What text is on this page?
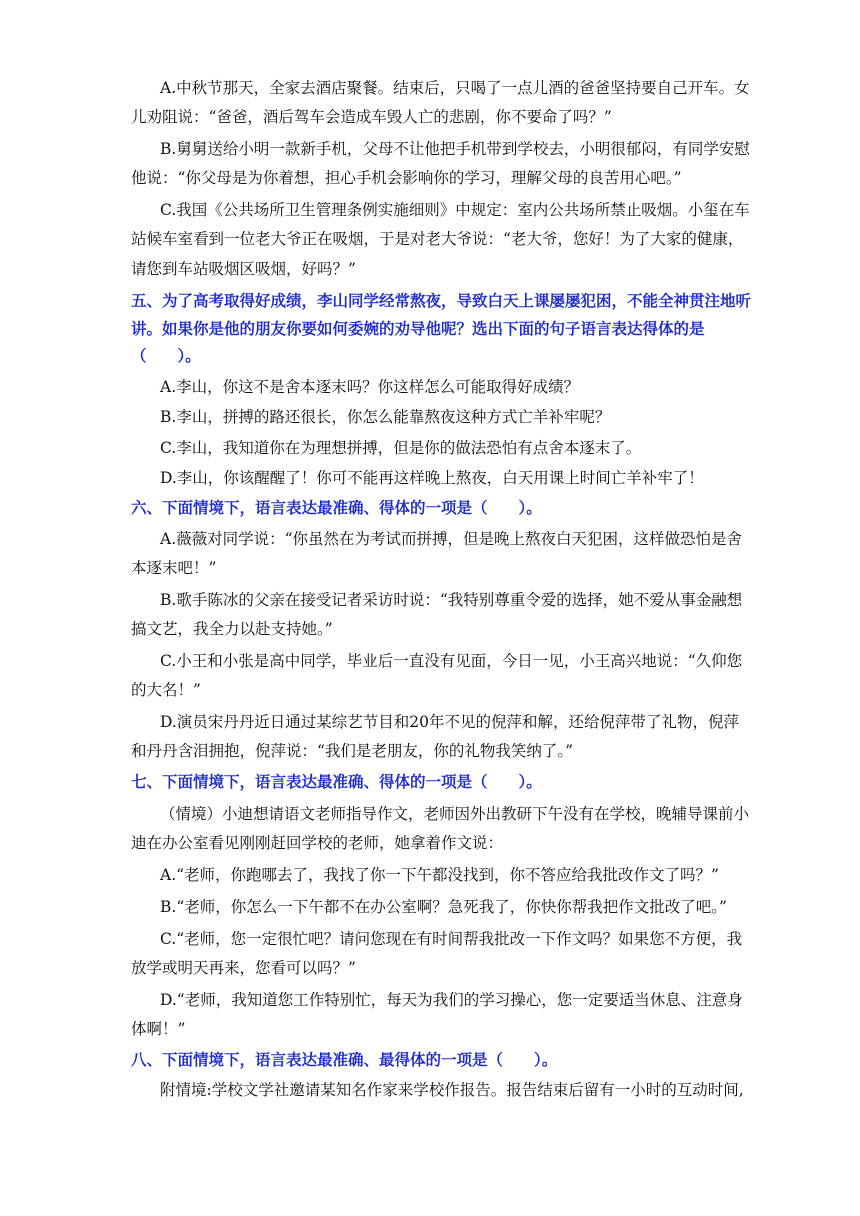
A.中秋节那天，全家去酒店聚餐。结束后，只喝了一点儿酒的爸爸坚持要自己开车。女
儿劝阻说：“爸爸，酒后驾车会造成车毁人亡的悲剧，你不要命了吗？”
B.舅舅送给小明一款新手机，父母不让他把手机带到学校去，小明很郁闷，有同学安慰
他说：“你父母是为你着想，担心手机会影响你的学习，理解父母的良苦用心吧。”
C.我国《公共场所卫生管理条例实施细则》中规定：室内公共场所禁止吸烟。小玺在车
站候车室看到一位老大爷正在吸烟，于是对老大爷说：“老大爷，您好！为了大家的健康，
请您到车站吸烟区吸烟，好吗？”
五、为了高考取得好成绩，李山同学经常熬夜，导致白天上课屡屡犯困，不能全神贯注地听
讲。如果你是他的朋友你要如何委婉的劝导他呢？选出下面的句子语言表达得体的是
（　　）。
A.李山，你这不是舍本逐末吗？你这样怎么可能取得好成绩？
B.李山，拼搏的路还很长，你怎么能靠熬夜这种方式亡羊补牢呢？
C.李山，我知道你在为理想拼搏，但是你的做法恐怕有点舍本逐末了。
D.李山，你该醒醒了！你可不能再这样晚上熬夜，白天用课上时间亡羊补牢了！
六、下面情境下，语言表达最准确、得体的一项是（　　）。
A.薇薇对同学说：“你虽然在为考试而拼搏，但是晚上熬夜白天犯困，这样做恐怕是舍
本逐末吧！”
B.歌手陈冰的父亲在接受记者采访时说：“我特别尊重令爱的选择，她不爱从事金融想
搞文艺，我全力以赴支持她。”
C.小王和小张是高中同学，毕业后一直没有见面，今日一见，小王高兴地说：“久仰您
的大名！”
D.演员宋丹丹近日通过某综艺节目和20年不见的倪萍和解，还给倪萍带了礼物，倪萍
和丹丹含泪拥抱，倪萍说：“我们是老朋友，你的礼物我笑纳了。”
七、下面情境下，语言表达最准确、得体的一项是（　　）。
（情境）小迪想请语文老师指导作文，老师因外出教研下午没有在学校，晚辅导课前小
迪在办公室看见刚刚赶回学校的老师，她拿着作文说：
A.“老师，你跑哪去了，我找了你一下午都没找到，你不答应给我批改作文了吗？”
B.“老师，你怎么一下午都不在办公室啊？急死我了，你快你帮我把作文批改了吧。”
C.“老师，您一定很忙吧？请问您现在有时间帮我批改一下作文吗？如果您不方便，我
放学或明天再来，您看可以吗？”
D.“老师，我知道您工作特别忙，每天为我们的学习操心，您一定要适当休息、注意身
体啊！”
八、下面情境下，语言表达最准确、最得体的一项是（　　）。
附情境:学校文学社邀请某知名作家来学校作报告。报告结束后留有一小时的互动时间,
